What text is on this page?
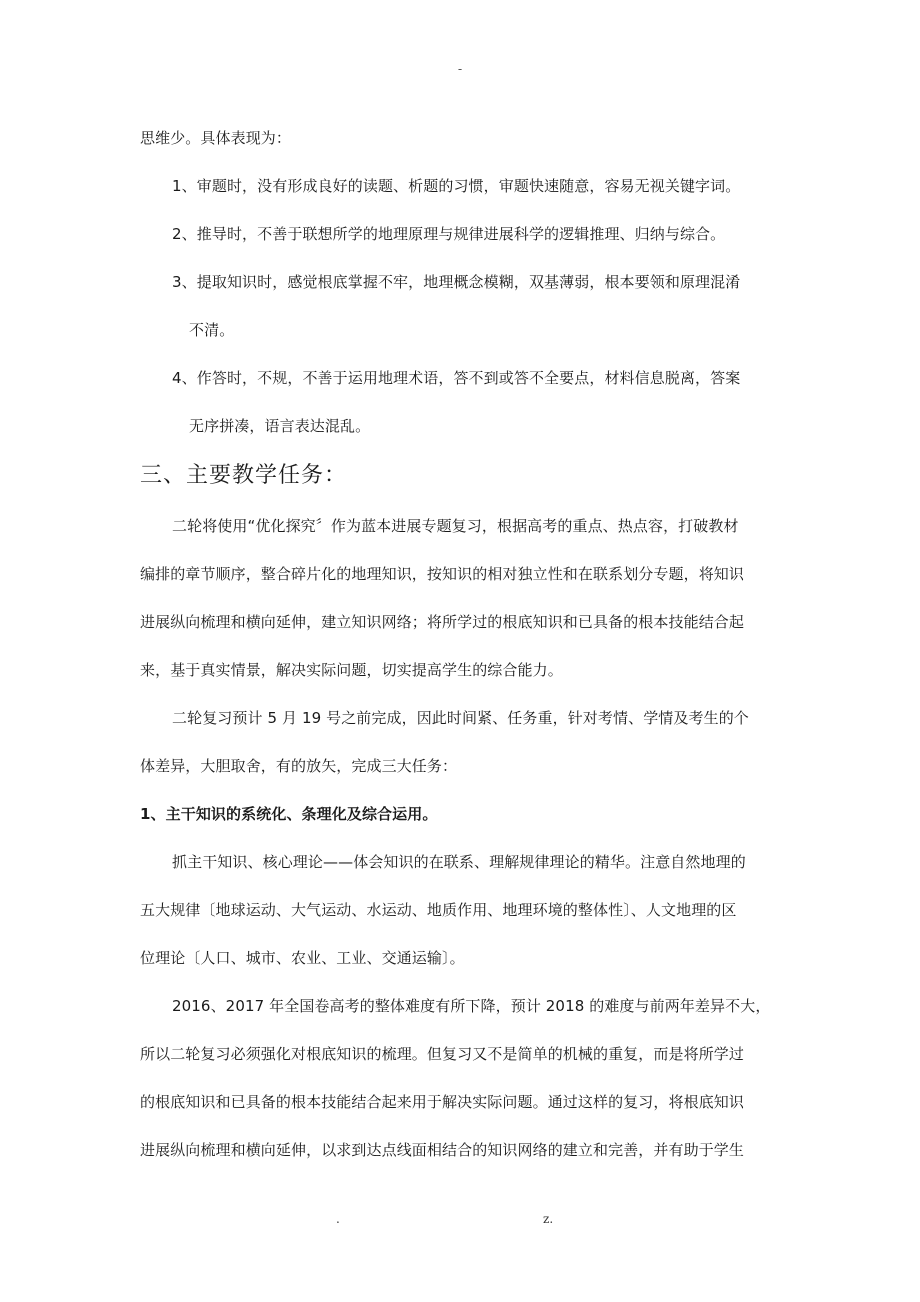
-
思维少。具体表现为：
1、审题时，没有形成良好的读题、析题的习惯，审题快速随意，容易无视关键字词。
2、推导时，不善于联想所学的地理原理与规律进展科学的逻辑推理、归纳与综合。
3、提取知识时，感觉根底掌握不牢，地理概念模糊，双基薄弱，根本要领和原理混淆
不清。
4、作答时，不规，不善于运用地理术语，答不到或答不全要点，材料信息脱离，答案
无序拼凑，语言表达混乱。
三、主要教学任务：
二轮将使用“优化探究〞作为蓝本进展专题复习，根据高考的重点、热点容，打破教材
编排的章节顺序，整合碎片化的地理知识，按知识的相对独立性和在联系划分专题，将知识
进展纵向梳理和横向延伸，建立知识网络；将所学过的根底知识和已具备的根本技能结合起
来，基于真实情景，解决实际问题，切实提高学生的综合能力。
二轮复习预计 5 月 19 号之前完成，因此时间紧、任务重，针对考情、学情及考生的个
体差异，大胆取舍，有的放矢，完成三大任务：
1、主干知识的系统化、条理化及综合运用。
抓主干知识、核心理论——体会知识的在联系、理解规律理论的精华。注意自然地理的
五大规律〔地球运动、大气运动、水运动、地质作用、地理环境的整体性〕、人文地理的区
位理论〔人口、城市、农业、工业、交通运输〕。
2016、2017 年全国卷高考的整体难度有所下降，预计 2018 的难度与前两年差异不大，
所以二轮复习必须强化对根底知识的梳理。但复习又不是简单的机械的重复，而是将所学过
的根底知识和已具备的根本技能结合起来用于解决实际问题。通过这样的复习，将根底知识
进展纵向梳理和横向延伸，以求到达点线面相结合的知识网络的建立和完善，并有助于学生
.	z.
